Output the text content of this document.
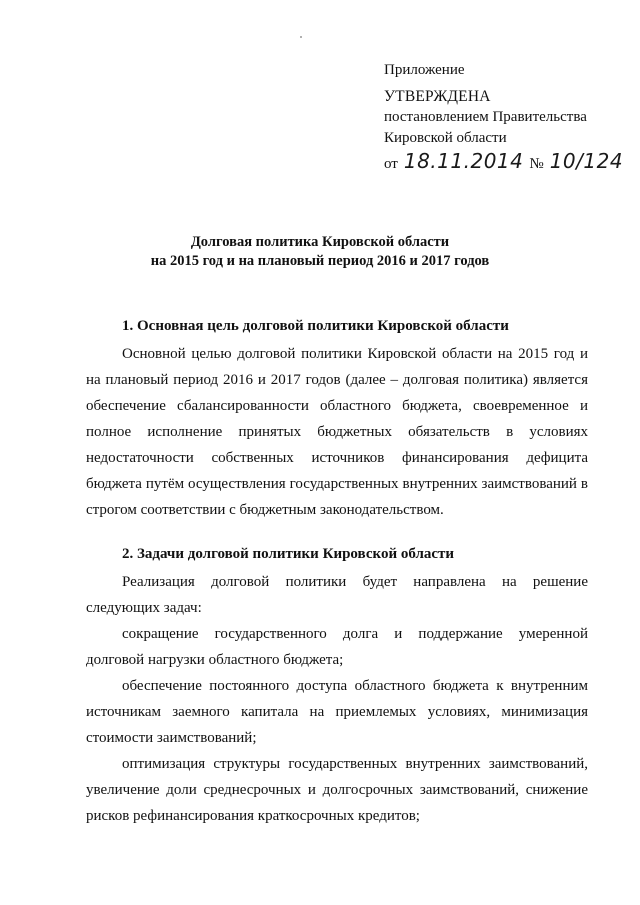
Приложение
УТВЕРЖДЕНА
постановлением Правительства
Кировской области
от 18.11.2014 № 10/124
Долговая политика Кировской области
на 2015 год и на плановый период 2016 и 2017 годов
1. Основная цель долговой политики Кировской области
Основной целью долговой политики Кировской области на 2015 год и на плановый период 2016 и 2017 годов (далее – долговая политика) является обеспечение сбалансированности областного бюджета, своевременное и полное исполнение принятых бюджетных обязательств в условиях недостаточности собственных источников финансирования дефицита бюджета путём осуществления государственных внутренних заимствований в строгом соответствии с бюджетным законодательством.
2. Задачи долговой политики Кировской области
Реализация долговой политики будет направлена на решение следующих задач:
сокращение государственного долга и поддержание умеренной долговой нагрузки областного бюджета;
обеспечение постоянного доступа областного бюджета к внутренним источникам заемного капитала на приемлемых условиях, минимизация стоимости заимствований;
оптимизация структуры государственных внутренних заимствований, увеличение доли среднесрочных и долгосрочных заимствований, снижение рисков рефинансирования краткосрочных кредитов;
